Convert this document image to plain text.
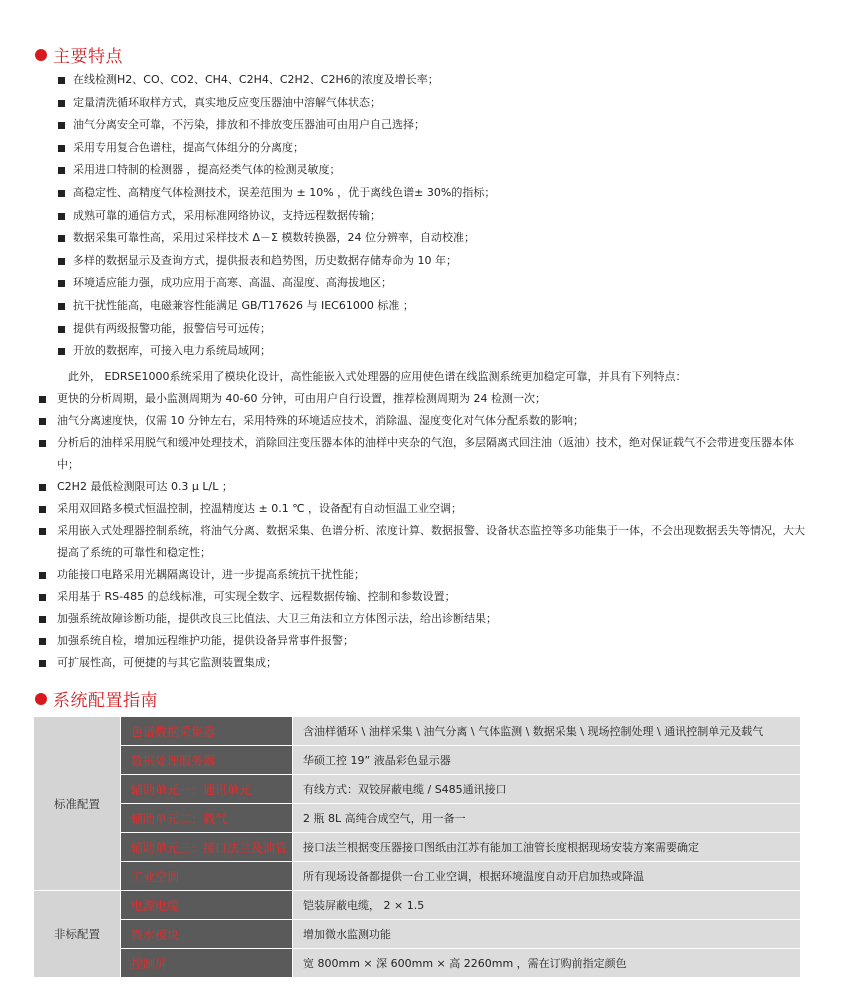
主要特点
在线检测H2、CO、CO2、CH4、C2H4、C2H2、C2H6的浓度及增长率；
定量清洗循环取样方式，真实地反应变压器油中溶解气体状态；
油气分离安全可靠，不污染，排放和不排放变压器油可由用户自己选择；
采用专用复合色谱柱，提高气体组分的分离度；
采用进口特制的检测器 ，提高烃类气体的检测灵敏度；
高稳定性、高精度气体检测技术，误差范围为 ± 10% ，优于离线色谱± 30%的指标；
成熟可靠的通信方式，采用标准网络协议，支持远程数据传输；
数据采集可靠性高，采用过采样技术 Δ－Σ 模数转换器，24 位分辨率，自动校准；
多样的数据显示及查询方式，提供报表和趋势图，历史数据存储寿命为 10 年；
环境适应能力强，成功应用于高寒、高温、高湿度、高海拔地区；
抗干扰性能高，电磁兼容性能满足 GB/T17626 与 IEC61000 标准 ；
提供有两级报警功能，报警信号可远传；
开放的数据库，可接入电力系统局域网；
此外， EDRSE1000系统采用了模块化设计，高性能嵌入式处理器的应用使色谱在线监测系统更加稳定可靠，并具有下列特点：
更快的分析周期，最小监测周期为 40-60 分钟，可由用户自行设置，推荐检测周期为 24 检测一次；
油气分离速度快，仅需 10 分钟左右，采用特殊的环境适应技术，消除温、湿度变化对气体分配系数的影响；
分析后的油样采用脱气和缓冲处理技术，消除回注变压器本体的油样中夹杂的气泡，多层隔离式回注油（返油）技术，绝对保证载气不会带进变压器本体中；
C2H2 最低检测限可达 0.3 μ L/L ；
采用双回路多模式恒温控制，控温精度达 ± 0.1 ℃ ，设备配有自动恒温工业空调；
采用嵌入式处理器控制系统，将油气分离、数据采集、色谱分析、浓度计算、数据报警、设备状态监控等多功能集于一体，不会出现数据丢失等情况，大大提高了系统的可靠性和稳定性；
功能接口电路采用光耦隔离设计，进一步提高系统抗干扰性能；
采用基于 RS-485 的总线标准，可实现全数字、远程数据传输、控制和参数设置；
加强系统故障诊断功能，提供改良三比值法、大卫三角法和立方体图示法，给出诊断结果；
加强系统自检，增加远程维护功能，提供设备异常事件报警；
可扩展性高，可便捷的与其它监测装置集成；
系统配置指南
标准配置	色谱数据采集器	含油样循环 \ 油样采集 \ 油气分离 \ 气体监测 \ 数据采集 \ 现场控制处理 \ 通讯控制单元及载气
	数据处理服务器	华硕工控 19” 液晶彩色显示器
	辅助单元一：通讯单元	有线方式：双铰屏蔽电缆 / S485通讯接口
	辅助单元二：载气	2 瓶 8L 高纯合成空气，用一备一
	辅助单元三：接口法兰及油管	接口法兰根据变压器接口图纸由江苏有能加工油管长度根据现场安装方案需要确定
	工业空调	所有现场设备都提供一台工业空调，根据环境温度自动开启加热或降温
非标配置	电源电缆	铠装屏蔽电缆， 2 × 1.5
	微水模块	增加微水监测功能
	控制屏	宽 800mm × 深 600mm × 高 2260mm ，需在订购前指定颜色
